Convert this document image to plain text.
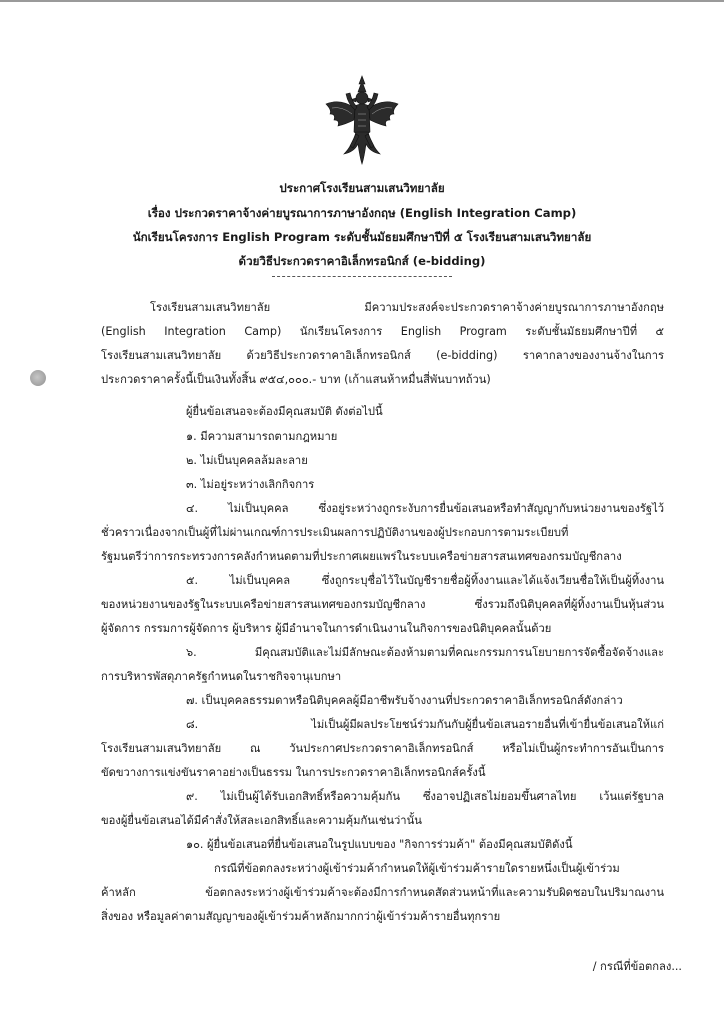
ประกาศโรงเรียนสามเสนวิทยาลัย
เรื่อง ประกวดราคาจ้างค่ายบูรณาการภาษาอังกฤษ (English Integration Camp)
นักเรียนโครงการ English Program ระดับชั้นมัธยมศึกษาปีที่ ๕ โรงเรียนสามเสนวิทยาลัย
ด้วยวิธีประกวดราคาอิเล็กทรอนิกส์ (e-bidding)
โรงเรียนสามเสนวิทยาลัย มีความประสงค์จะประกวดราคาจ้างค่ายบูรณาการภาษาอังกฤษ
(English Integration Camp) นักเรียนโครงการ English Program ระดับชั้นมัธยมศึกษาปีที่ ๕
โรงเรียนสามเสนวิทยาลัย ด้วยวิธีประกวดราคาอิเล็กทรอนิกส์ (e-bidding) ราคากลางของงานจ้างในการ
ประกวดราคาครั้งนี้เป็นเงินทั้งสิ้น ๙๕๔,๐๐๐.- บาท (เก้าแสนห้าหมื่นสี่พันบาทถ้วน)
ผู้ยื่นข้อเสนอจะต้องมีคุณสมบัติ ดังต่อไปนี้
๑. มีความสามารถตามกฎหมาย
๒. ไม่เป็นบุคคลล้มละลาย
๓. ไม่อยู่ระหว่างเลิกกิจการ
๔. ไม่เป็นบุคคล ซึ่งอยู่ระหว่างถูกระงับการยื่นข้อเสนอหรือทำสัญญากับหน่วยงานของรัฐไว้
ชั่วคราวเนื่องจากเป็นผู้ที่ไม่ผ่านเกณฑ์การประเมินผลการปฏิบัติงานของผู้ประกอบการตามระเบียบที่
รัฐมนตรีว่าการกระทรวงการคลังกำหนดตามที่ประกาศเผยแพร่ในระบบเครือข่ายสารสนเทศของกรมบัญชีกลาง
๕. ไม่เป็นบุคคล ซึ่งถูกระบุชื่อไว้ในบัญชีรายชื่อผู้ทิ้งงานและได้แจ้งเวียนชื่อให้เป็นผู้ทิ้งงาน
ของหน่วยงานของรัฐในระบบเครือข่ายสารสนเทศของกรมบัญชีกลาง ซึ่งรวมถึงนิติบุคคลที่ผู้ทิ้งงานเป็นหุ้นส่วน
ผู้จัดการ กรรมการผู้จัดการ ผู้บริหาร ผู้มีอำนาจในการดำเนินงานในกิจการของนิติบุคคลนั้นด้วย
๖. มีคุณสมบัติและไม่มีลักษณะต้องห้ามตามที่คณะกรรมการนโยบายการจัดซื้อจัดจ้างและ
การบริหารพัสดุภาครัฐกำหนดในราชกิจจานุเบกษา
๗. เป็นบุคคลธรรมดาหรือนิติบุคคลผู้มีอาชีพรับจ้างงานที่ประกวดราคาอิเล็กทรอนิกส์ดังกล่าว
๘. ไม่เป็นผู้มีผลประโยชน์ร่วมกันกับผู้ยื่นข้อเสนอรายอื่นที่เข้ายื่นข้อเสนอให้แก่
โรงเรียนสามเสนวิทยาลัย ณ วันประกาศประกวดราคาอิเล็กทรอนิกส์ หรือไม่เป็นผู้กระทำการอันเป็นการ
ขัดขวางการแข่งขันราคาอย่างเป็นธรรม ในการประกวดราคาอิเล็กทรอนิกส์ครั้งนี้
๙. ไม่เป็นผู้ได้รับเอกสิทธิ์หรือความคุ้มกัน ซึ่งอาจปฏิเสธไม่ยอมขึ้นศาลไทย เว้นแต่รัฐบาล
ของผู้ยื่นข้อเสนอได้มีคำสั่งให้สละเอกสิทธิ์และความคุ้มกันเช่นว่านั้น
๑๐. ผู้ยื่นข้อเสนอที่ยื่นข้อเสนอในรูปแบบของ "กิจการร่วมค้า" ต้องมีคุณสมบัติดังนี้
กรณีที่ข้อตกลงระหว่างผู้เข้าร่วมค้ากำหนดให้ผู้เข้าร่วมค้ารายใดรายหนึ่งเป็นผู้เข้าร่วม
ค้าหลัก ข้อตกลงระหว่างผู้เข้าร่วมค้าจะต้องมีการกำหนดสัดส่วนหน้าที่และความรับผิดชอบในปริมาณงาน
สิ่งของ หรือมูลค่าตามสัญญาของผู้เข้าร่วมค้าหลักมากกว่าผู้เข้าร่วมค้ารายอื่นทุกราย
/ กรณีที่ข้อตกลง...
